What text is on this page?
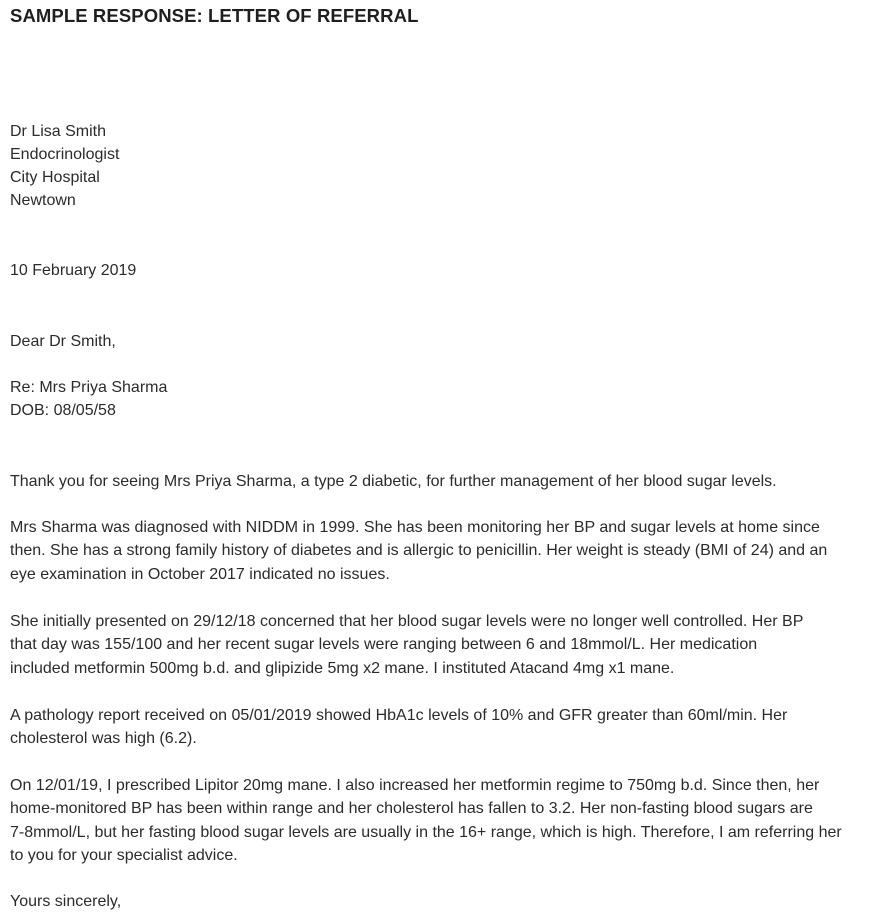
SAMPLE RESPONSE: LETTER OF REFERRAL
Dr Lisa Smith
Endocrinologist
City Hospital
Newtown
10 February 2019
Dear Dr Smith,
Re: Mrs Priya Sharma
DOB: 08/05/58
Thank you for seeing Mrs Priya Sharma, a type 2 diabetic, for further management of her blood sugar levels.
Mrs Sharma was diagnosed with NIDDM in 1999. She has been monitoring her BP and sugar levels at home since
then. She has a strong family history of diabetes and is allergic to penicillin. Her weight is steady (BMI of 24) and an
eye examination in October 2017 indicated no issues.
She initially presented on 29/12/18 concerned that her blood sugar levels were no longer well controlled. Her BP
that day was 155/100 and her recent sugar levels were ranging between 6 and 18mmol/L. Her medication
included metformin 500mg b.d. and glipizide 5mg x2 mane. I instituted Atacand 4mg x1 mane.
A pathology report received on 05/01/2019 showed HbA1c levels of 10% and GFR greater than 60ml/min. Her
cholesterol was high (6.2).
On 12/01/19, I prescribed Lipitor 20mg mane. I also increased her metformin regime to 750mg b.d. Since then, her
home-monitored BP has been within range and her cholesterol has fallen to 3.2. Her non-fasting blood sugars are
7-8mmol/L, but her fasting blood sugar levels are usually in the 16+ range, which is high. Therefore, I am referring her
to you for your specialist advice.
Yours sincerely,
